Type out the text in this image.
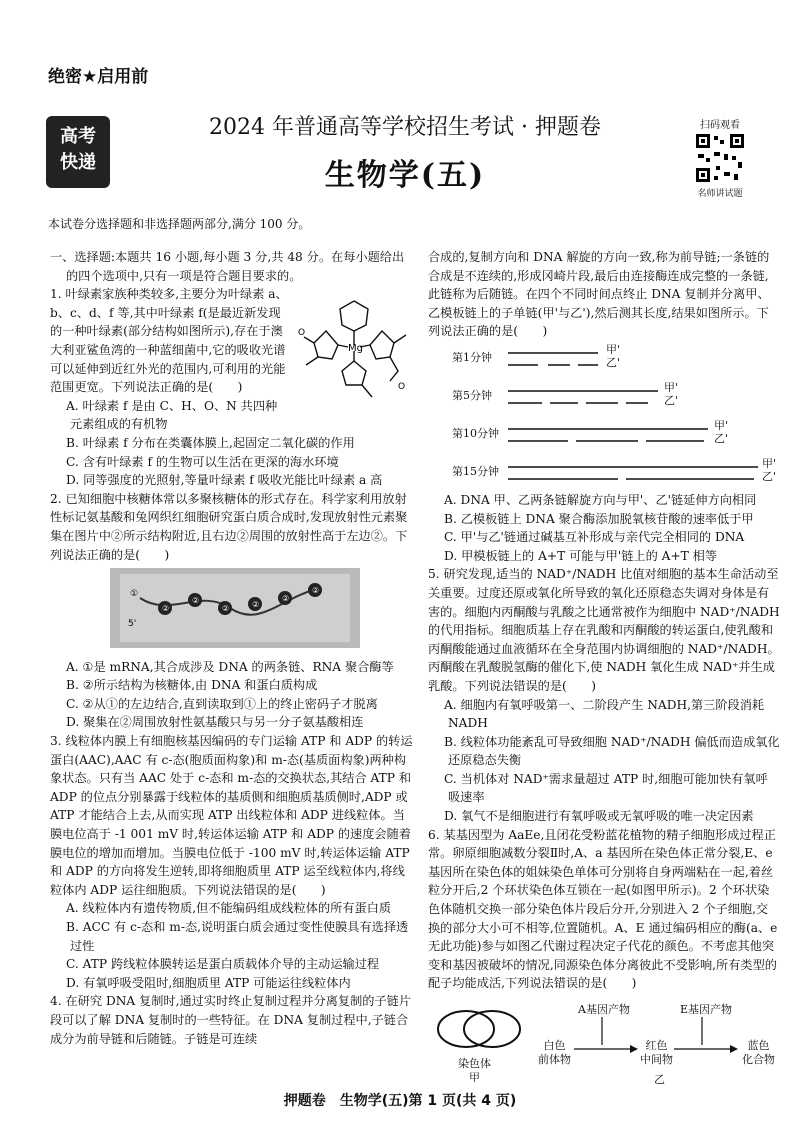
绝密★启用前
高考
快递
2024 年普通高等学校招生考试 · 押题卷
生物学(五)
扫码观看
名师讲试题
本试卷分选择题和非选择题两部分,满分 100 分。
一、选择题:本题共 16 小题,每小题 3 分,共 48 分。在每小题给出的四个选项中,只有一项是符合题目要求的。
Mg
O
O
1. 叶绿素家族种类较多,主要分为叶绿素 a、b、c、d、f 等,其中叶绿素 f(是最近新发现的一种叶绿素(部分结构如图所示),存在于澳大利亚鲨鱼湾的一种蓝细菌中,它的吸收光谱可以延伸到近红外光的范围内,可利用的光能范围更宽。下列说法正确的是(　　)
A. 叶绿素 f 是由 C、H、O、N 共四种元素组成的有机物
B. 叶绿素 f 分布在类囊体膜上,起固定二氧化碳的作用
C. 含有叶绿素 f 的生物可以生活在更深的海水环境
D. 同等强度的光照射,等量叶绿素 f 吸收光能比叶绿素 a 高
2. 已知细胞中核糖体常以多聚核糖体的形式存在。科学家利用放射性标记氨基酸和兔网织红细胞研究蛋白质合成时,发现放射性元素聚集在图片中②所示结构附近,且右边②周围的放射性高于左边②。下列说法正确的是(　　)
②
②
②	②
②
②
①
5'
A. ①是 mRNA,其合成涉及 DNA 的两条链、RNA 聚合酶等
B. ②所示结构为核糖体,由 DNA 和蛋白质构成
C. ②从①的左边结合,直到读取到①上的终止密码子才脱离
D. 聚集在②周围放射性氨基酸只与另一分子氨基酸相连
3. 线粒体内膜上有细胞核基因编码的专门运输 ATP 和 ADP 的转运蛋白(AAC),AAC 有 c-态(胞质面构象)和 m-态(基质面构象)两种构象状态。只有当 AAC 处于 c-态和 m-态的交换状态,其结合 ATP 和 ADP 的位点分别暴露于线粒体的基质侧和细胞质基质侧时,ADP 或 ATP 才能结合上去,从而实现 ATP 出线粒体和 ADP 进线粒体。当膜电位高于 -1 001 mV 时,转运体运输 ATP 和 ADP 的速度会随着膜电位的增加而增加。当膜电位低于 -100 mV 时,转运体运输 ATP 和 ADP 的方向将发生逆转,即将细胞质里 ATP 运至线粒体内,将线粒体内 ADP 运往细胞质。下列说法错误的是(　　)
A. 线粒体内有遗传物质,但不能编码组成线粒体的所有蛋白质
B. ACC 有 c-态和 m-态,说明蛋白质会通过变性使膜具有选择透过性
C. ATP 跨线粒体膜转运是蛋白质载体介导的主动运输过程
D. 有氧呼吸受阻时,细胞质里 ATP 可能运往线粒体内
4. 在研究 DNA 复制时,通过实时终止复制过程并分离复制的子链片段可以了解 DNA 复制时的一些特征。在 DNA 复制过程中,子链合成分为前导链和后随链。子链是可连续
合成的,复制方向和 DNA 解旋的方向一致,称为前导链;一条链的合成是不连续的,形成冈崎片段,最后由连接酶连成完整的一条链,此链称为后随链。在四个不同时间点终止 DNA 复制并分离甲、乙模板链上的子单链(甲'与乙'),然后测其长度,结果如图所示。下列说法正确的是(　　)
第1分钟
甲'
乙'
第5分钟
甲'
乙'
第10分钟
甲'
乙'
第15分钟
甲'
乙'
A. DNA 甲、乙两条链解旋方向与甲'、乙'链延伸方向相同
B. 乙模板链上 DNA 聚合酶添加脱氧核苷酸的速率低于甲
C. 甲'与乙'链通过碱基互补形成与亲代完全相同的 DNA
D. 甲模板链上的 A+T 可能与甲'链上的 A+T 相等
5. 研究发现,适当的 NAD⁺/NADH 比值对细胞的基本生命活动至关重要。过度还原或氧化所导致的氧化还原稳态失调对身体是有害的。细胞内丙酮酸与乳酸之比通常被作为细胞中 NAD⁺/NADH 的代用指标。细胞质基上存在乳酸和丙酮酸的转运蛋白,使乳酸和丙酮酸能通过血液循环在全身范围内协调细胞的 NAD⁺/NADH。丙酮酸在乳酸脱氢酶的催化下,使 NADH 氧化生成 NAD⁺并生成乳酸。下列说法错误的是(　　)
A. 细胞内有氧呼吸第一、二阶段产生 NADH,第三阶段消耗 NADH
B. 线粒体功能紊乱可导致细胞 NAD⁺/NADH 偏低而造成氧化还原稳态失衡
C. 当机体对 NAD⁺需求量超过 ATP 时,细胞可能加快有氧呼吸速率
D. 氧气不是细胞进行有氧呼吸或无氧呼吸的唯一决定因素
6. 某基因型为 AaEe,且闭花受粉蓝花植物的精子细胞形成过程正常。卵原细胞减数分裂Ⅱ时,A、a 基因所在染色体正常分裂,E、e 基因所在染色体的姐妹染色单体可分别将自身两端粘在一起,着丝粒分开后,2 个环状染色体互锁在一起(如图甲所示)。2 个环状染色体随机交换一部分染色体片段后分开,分别进入 2 个子细胞,交换的部分大小可不相等,位置随机。A、E 通过编码相应的酶(a、e 无此功能)参与如图乙代谢过程决定子代花的颜色。不考虑其他突变和基因被破坏的情况,同源染色体分离彼此不受影响,所有类型的配子均能成活,下列说法错误的是(　　)
染色体
甲
A基因产物	E基因产物
白色
前体物
红色
中间物
蓝色
化合物
乙
押题卷　生物学(五)第 1 页(共 4 页)
